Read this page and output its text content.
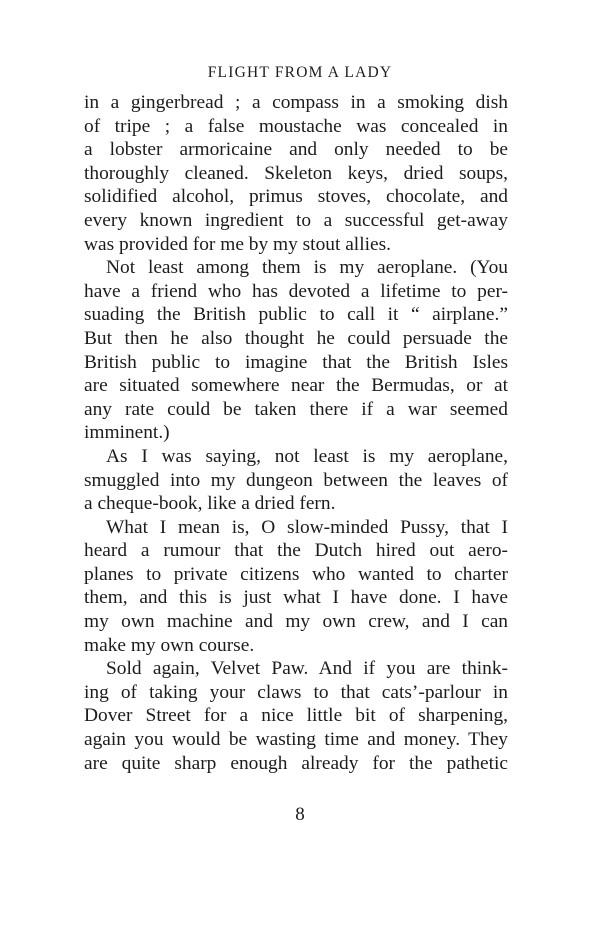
FLIGHT FROM A LADY
in a gingerbread ; a compass in a smoking dish
of tripe ; a false moustache was concealed in
a lobster armoricaine and only needed to be
thoroughly cleaned. Skeleton keys, dried soups,
solidified alcohol, primus stoves, chocolate, and
every known ingredient to a successful get-away
was provided for me by my stout allies.
Not least among them is my aeroplane. (You
have a friend who has devoted a lifetime to per-
suading the British public to call it “ airplane.”
But then he also thought he could persuade the
British public to imagine that the British Isles
are situated somewhere near the Bermudas, or at
any rate could be taken there if a war seemed
imminent.)
As I was saying, not least is my aeroplane,
smuggled into my dungeon between the leaves of
a cheque-book, like a dried fern.
What I mean is, O slow-minded Pussy, that I
heard a rumour that the Dutch hired out aero-
planes to private citizens who wanted to charter
them, and this is just what I have done. I have
my own machine and my own crew, and I can
make my own course.
Sold again, Velvet Paw. And if you are think-
ing of taking your claws to that cats’-parlour in
Dover Street for a nice little bit of sharpening,
again you would be wasting time and money. They
are quite sharp enough already for the pathetic
8
